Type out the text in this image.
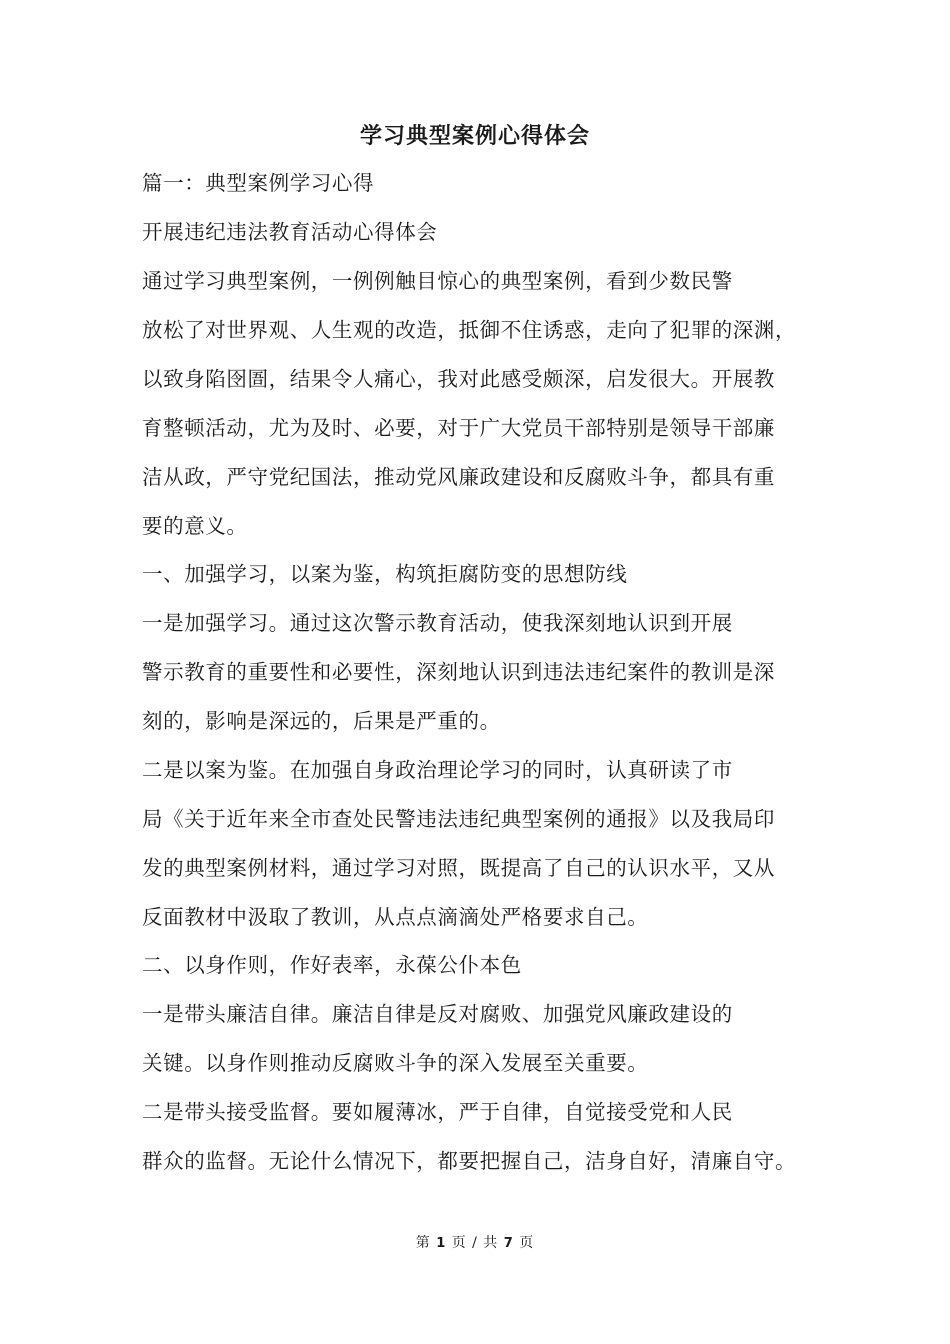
学习典型案例心得体会
篇一：典型案例学习心得
开展违纪违法教育活动心得体会
通过学习典型案例，一例例触目惊心的典型案例，看到少数民警
放松了对世界观、人生观的改造，抵御不住诱惑，走向了犯罪的深渊，
以致身陷囹圄，结果令人痛心，我对此感受颇深，启发很大。开展教
育整顿活动，尤为及时、必要，对于广大党员干部特别是领导干部廉
洁从政，严守党纪国法，推动党风廉政建设和反腐败斗争，都具有重
要的意义。
一、加强学习，以案为鉴，构筑拒腐防变的思想防线
一是加强学习。通过这次警示教育活动，使我深刻地认识到开展
警示教育的重要性和必要性，深刻地认识到违法违纪案件的教训是深
刻的，影响是深远的，后果是严重的。
二是以案为鉴。在加强自身政治理论学习的同时，认真研读了市
局《关于近年来全市查处民警违法违纪典型案例的通报》以及我局印
发的典型案例材料，通过学习对照，既提高了自己的认识水平，又从
反面教材中汲取了教训，从点点滴滴处严格要求自己。
二、以身作则，作好表率，永葆公仆本色
一是带头廉洁自律。廉洁自律是反对腐败、加强党风廉政建设的
关键。以身作则推动反腐败斗争的深入发展至关重要。
二是带头接受监督。要如履薄冰，严于自律，自觉接受党和人民
群众的监督。无论什么情况下，都要把握自己，洁身自好，清廉自守。
第 1 页 / 共 7 页
